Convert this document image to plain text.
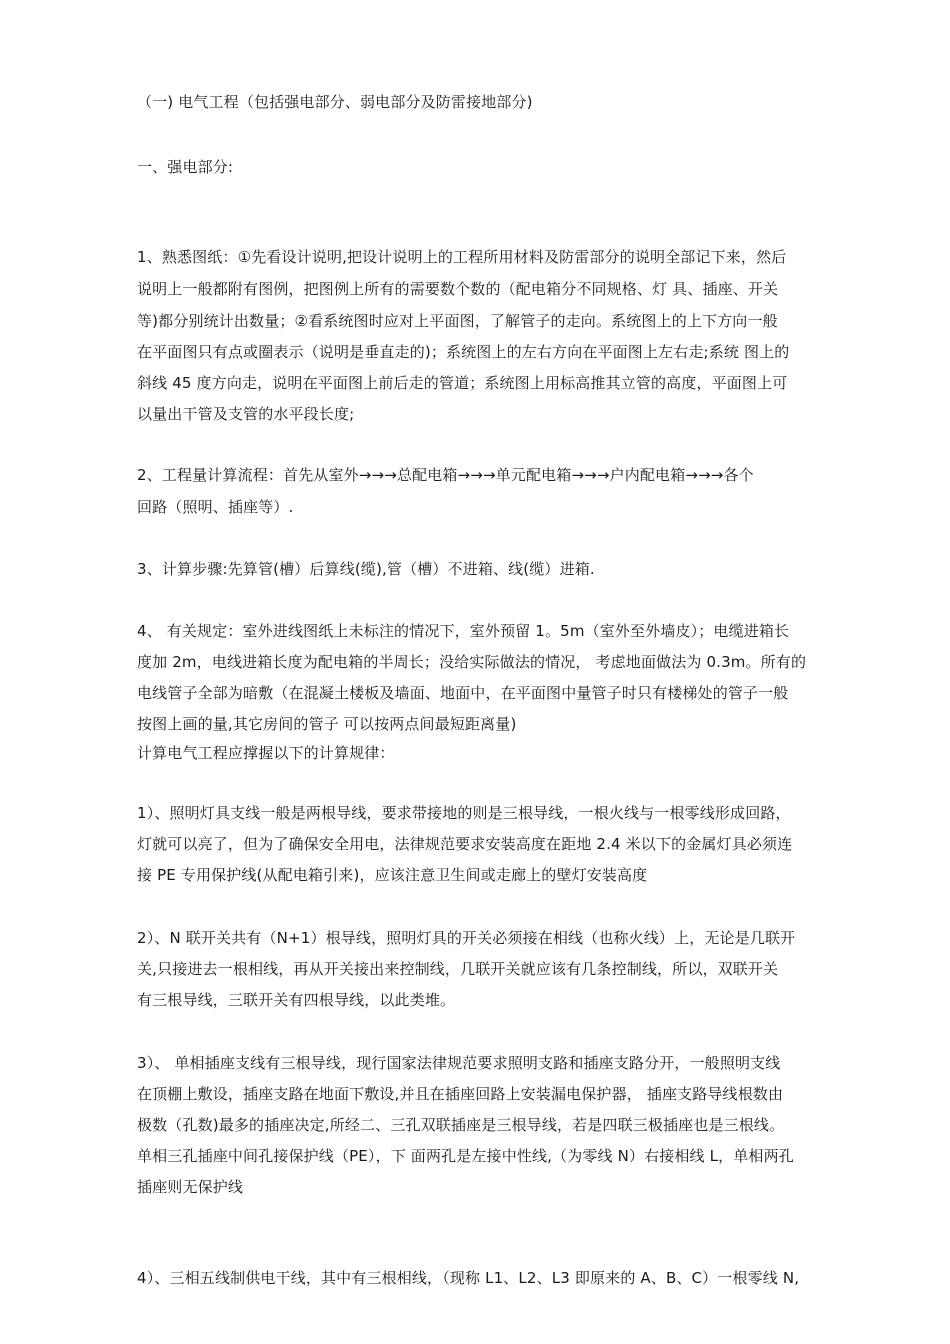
（一) 电气工程（包括强电部分、弱电部分及防雷接地部分)
一、强电部分:
1、熟悉图纸：①先看设计说明,把设计说明上的工程所用材料及防雷部分的说明全部记下来，然后
说明上一般都附有图例，把图例上所有的需要数个数的（配电箱分不同规格、灯 具、插座、开关
等)都分别统计出数量；②看系统图时应对上平面图，了解管子的走向。系统图上的上下方向一般
在平面图只有点或圈表示（说明是垂直走的)；系统图上的左右方向在平面图上左右走;系统 图上的
斜线 45 度方向走，说明在平面图上前后走的管道；系统图上用标高推其立管的高度，平面图上可
以量出干管及支管的水平段长度;
2、工程量计算流程：首先从室外→→→总配电箱→→→单元配电箱→→→户内配电箱→→→各个
回路（照明、插座等）.
3、计算步骤:先算管(槽）后算线(缆),管（槽）不进箱、线(缆）进箱.
4、 有关规定：室外进线图纸上未标注的情况下，室外预留 1。5m（室外至外墙皮）；电缆进箱长
度加 2m，电线进箱长度为配电箱的半周长；没给实际做法的情况， 考虑地面做法为 0.3m。所有的
电线管子全部为暗敷（在混凝土楼板及墙面、地面中，在平面图中量管子时只有楼梯处的管子一般
按图上画的量,其它房间的管子 可以按两点间最短距离量)
计算电气工程应撑握以下的计算规律：
1）、照明灯具支线一般是两根导线，要求带接地的则是三根导线，一根火线与一根零线形成回路，
灯就可以亮了，但为了确保安全用电，法律规范要求安装高度在距地 2.4 米以下的金属灯具必须连
接 PE 专用保护线(从配电箱引来)，应该注意卫生间或走廊上的壁灯安装高度
2）、N 联开关共有（N+1）根导线，照明灯具的开关必须接在相线（也称火线）上，无论是几联开
关,只接进去一根相线，再从开关接出来控制线，几联开关就应该有几条控制线，所以，双联开关
有三根导线，三联开关有四根导线，以此类堆。
3）、 单相插座支线有三根导线，现行国家法律规范要求照明支路和插座支路分开，一般照明支线
在顶棚上敷设，插座支路在地面下敷设,并且在插座回路上安装漏电保护器， 插座支路导线根数由
极数（孔数)最多的插座决定,所经二、三孔双联插座是三根导线，若是四联三极插座也是三根线。
单相三孔插座中间孔接保护线（PE），下 面两孔是左接中性线,（为零线 N）右接相线 L，单相两孔
插座则无保护线
4）、三相五线制供电干线，其中有三根相线，（现称 L1、L2、L3 即原来的 A、B、C）一根零线 N,
